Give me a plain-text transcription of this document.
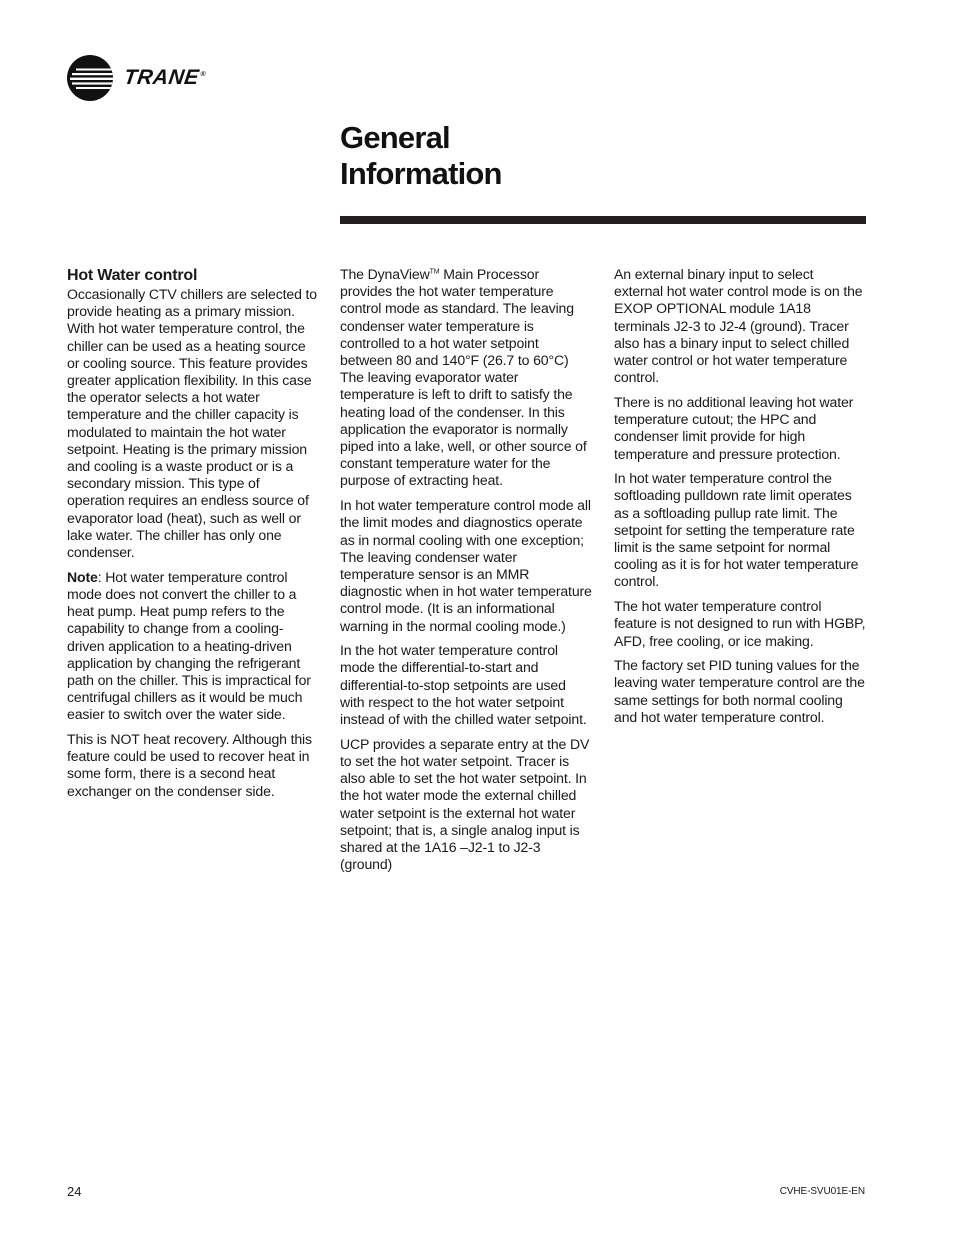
TRANE®
General
Information
Hot Water control

Occasionally CTV chillers are selected to provide heating as a primary mission. With hot water temperature control, the chiller can be used as a heating source or cooling source. This feature provides greater application flexibility. In this case the operator selects a hot water temperature and the chiller capacity is modulated to maintain the hot water setpoint. Heating is the primary mission and cooling is a waste product or is a secondary mission. This type of operation requires an endless source of evaporator load (heat), such as well or lake water. The chiller has only one condenser.

Note: Hot water temperature control mode does not convert the chiller to a heat pump. Heat pump refers to the capability to change from a cooling-driven application to a heating-driven application by changing the refrigerant path on the chiller. This is impractical for centrifugal chillers as it would be much easier to switch over the water side.

This is NOT heat recovery. Although this feature could be used to recover heat in some form, there is a second heat exchanger on the condenser side.

The DynaView™ Main Processor provides the hot water temperature control mode as standard. The leaving condenser water temperature is controlled to a hot water setpoint between 80 and 140°F (26.7 to 60°C) The leaving evaporator water temperature is left to drift to satisfy the heating load of the condenser. In this application the evaporator is normally piped into a lake, well, or other source of constant temperature water for the purpose of extracting heat.

In hot water temperature control mode all the limit modes and diagnostics operate as in normal cooling with one exception; The leaving condenser water temperature sensor is an MMR diagnostic when in hot water temperature control mode. (It is an informational warning in the normal cooling mode.)

In the hot water temperature control mode the differential-to-start and differential-to-stop setpoints are used with respect to the hot water setpoint instead of with the chilled water setpoint.

UCP provides a separate entry at the DV to set the hot water setpoint. Tracer is also able to set the hot water setpoint. In the hot water mode the external chilled water setpoint is the external hot water setpoint; that is, a single analog input is shared at the 1A16 –J2-1 to J2-3 (ground)

An external binary input to select external hot water control mode is on the EXOP OPTIONAL module 1A18 terminals J2-3 to J2-4 (ground). Tracer also has a binary input to select chilled water control or hot water temperature control.

There is no additional leaving hot water temperature cutout; the HPC and condenser limit provide for high temperature and pressure protection.

In hot water temperature control the softloading pulldown rate limit operates as a softloading pullup rate limit. The setpoint for setting the temperature rate limit is the same setpoint for normal cooling as it is for hot water temperature control.

The hot water temperature control feature is not designed to run with HGBP, AFD, free cooling, or ice making.

The factory set PID tuning values for the leaving water temperature control are the same settings for both normal cooling and hot water temperature control.

24	CVHE-SVU01E-EN
